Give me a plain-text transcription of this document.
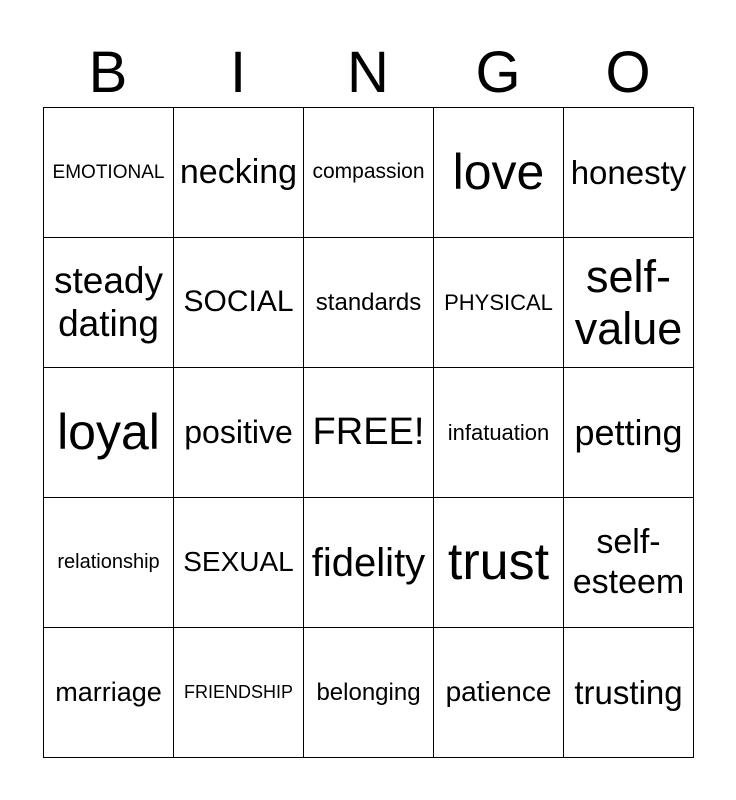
B	I	N	G	O
EMOTIONAL	necking	compassion	love	honesty
steady dating	SOCIAL	standards	PHYSICAL	self-value
loyal	positive	FREE!	infatuation	petting
relationship	SEXUAL	fidelity	trust	self-esteem
marriage	FRIENDSHIP	belonging	patience	trusting
